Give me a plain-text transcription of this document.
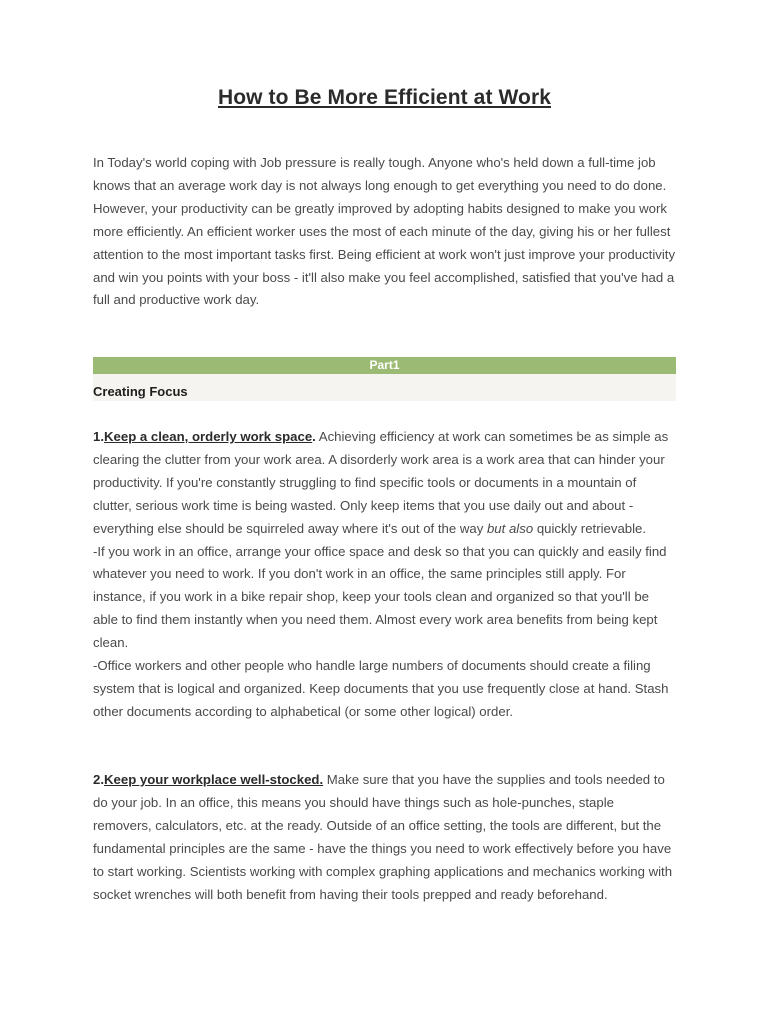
How to Be More Efficient at Work

In Today's world coping with Job pressure is really tough. Anyone who's held down a full-time job knows that an average work day is not always long enough to get everything you need to do done. However, your productivity can be greatly improved by adopting habits designed to make you work more efficiently. An efficient worker uses the most of each minute of the day, giving his or her fullest attention to the most important tasks first. Being efficient at work won't just improve your productivity and win you points with your boss - it'll also make you feel accomplished, satisfied that you've had a full and productive work day.

Part1
Creating Focus
1.Keep a clean, orderly work space. Achieving efficiency at work can sometimes be as simple as clearing the clutter from your work area. A disorderly work area is a work area that can hinder your productivity. If you're constantly struggling to find specific tools or documents in a mountain of clutter, serious work time is being wasted. Only keep items that you use daily out and about - everything else should be squirreled away where it's out of the way but also quickly retrievable.
-If you work in an office, arrange your office space and desk so that you can quickly and easily find whatever you need to work. If you don't work in an office, the same principles still apply. For instance, if you work in a bike repair shop, keep your tools clean and organized so that you'll be able to find them instantly when you need them. Almost every work area benefits from being kept clean.
-Office workers and other people who handle large numbers of documents should create a filing system that is logical and organized. Keep documents that you use frequently close at hand. Stash other documents according to alphabetical (or some other logical) order.
2.Keep your workplace well-stocked. Make sure that you have the supplies and tools needed to do your job. In an office, this means you should have things such as hole-punches, staple removers, calculators, etc. at the ready. Outside of an office setting, the tools are different, but the fundamental principles are the same - have the things you need to work effectively before you have to start working. Scientists working with complex graphing applications and mechanics working with socket wrenches will both benefit from having their tools prepped and ready beforehand.
